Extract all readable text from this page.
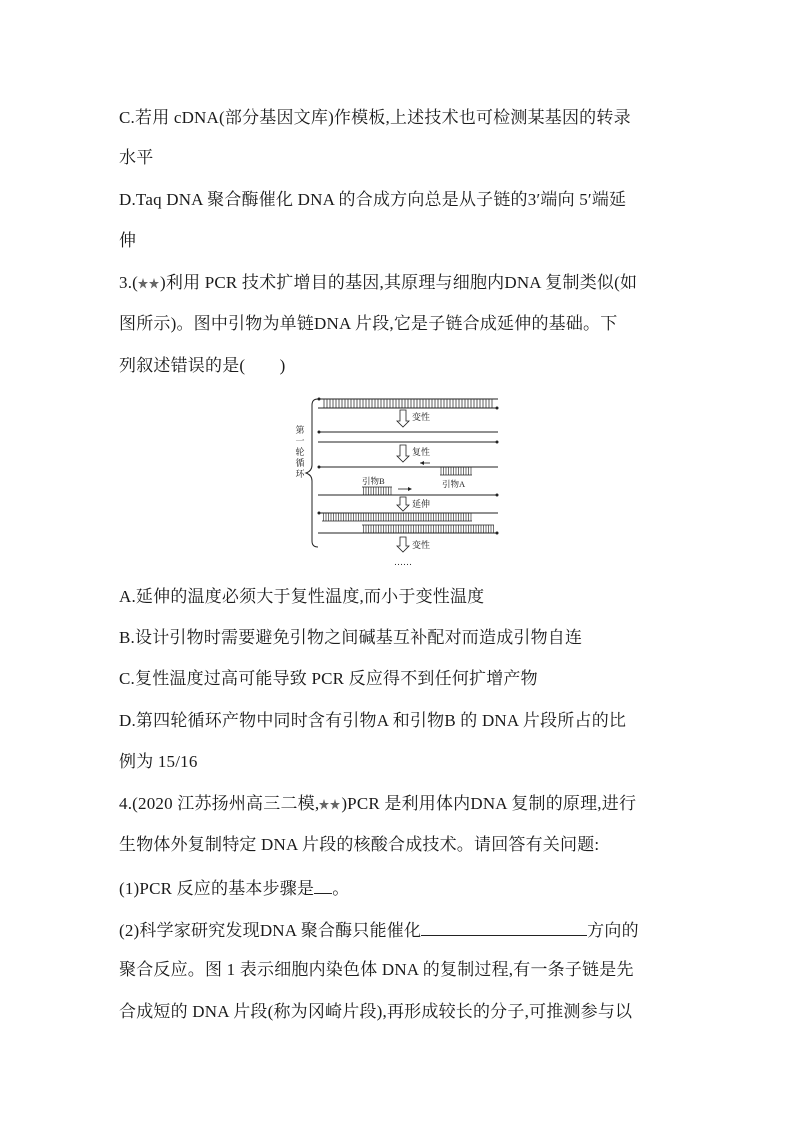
C.若用 cDNA(部分基因文库)作模板,上述技术也可检测某基因的转录
水平
D.Taq DNA 聚合酶催化 DNA 的合成方向总是从子链的3′端向 5′端延
伸
3.( )利用 PCR 技术扩增目的基因,其原理与细胞内DNA 复制类似(如
图所示)。图中引物为单链DNA 片段,它是子链合成延伸的基础。下
列叙述错误的是(　　)
第
一
轮
循
环
变性
复性
引物A
引物B
延伸
变性
……
A.延伸的温度必须大于复性温度,而小于变性温度
B.设计引物时需要避免引物之间碱基互补配对而造成引物自连
C.复性温度过高可能导致 PCR 反应得不到任何扩增产物
D.第四轮循环产物中同时含有引物A 和引物B 的 DNA 片段所占的比
例为 15/16
4.(2020 江苏扬州高三二模, )PCR 是利用体内DNA 复制的原理,进行
生物体外复制特定 DNA 片段的核酸合成技术。请回答有关问题:
(1)PCR 反应的基本步骤是 。
(2)科学家研究发现DNA 聚合酶只能催化	方向的
聚合反应。图 1 表示细胞内染色体 DNA 的复制过程,有一条子链是先
合成短的 DNA 片段(称为冈崎片段),再形成较长的分子,可推测参与以
